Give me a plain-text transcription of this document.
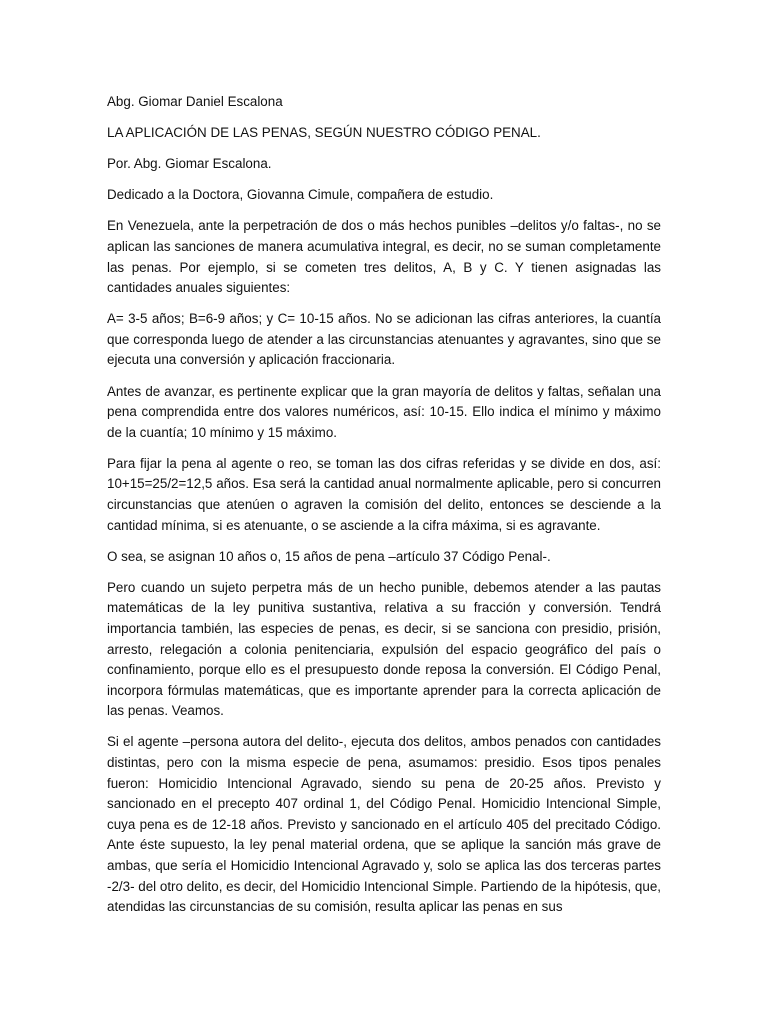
Abg. Giomar Daniel Escalona

LA APLICACIÓN DE LAS PENAS, SEGÚN NUESTRO CÓDIGO PENAL.

Por. Abg. Giomar Escalona.

Dedicado a la Doctora, Giovanna Cimule, compañera de estudio.

En Venezuela, ante la perpetración de dos o más hechos punibles –delitos y/o faltas-, no se aplican las sanciones de manera acumulativa integral, es decir, no se suman completamente las penas. Por ejemplo, si se cometen tres delitos, A, B y C. Y tienen asignadas las cantidades anuales siguientes:

A= 3-5 años; B=6-9 años; y C= 10-15 años. No se adicionan las cifras anteriores, la cuantía que corresponda luego de atender a las circunstancias atenuantes y agravantes, sino que se ejecuta una conversión y aplicación fraccionaria.

Antes de avanzar, es pertinente explicar que la gran mayoría de delitos y faltas, señalan una pena comprendida entre dos valores numéricos, así: 10-15. Ello indica el mínimo y máximo de la cuantía; 10 mínimo y 15 máximo.

Para fijar la pena al agente o reo, se toman las dos cifras referidas y se divide en dos, así: 10+15=25/2=12,5 años. Esa será la cantidad anual normalmente aplicable, pero si concurren circunstancias que atenúen o agraven la comisión del delito, entonces se desciende a la cantidad mínima, si es atenuante, o se asciende a la cifra máxima, si es agravante.

O sea, se asignan 10 años o, 15 años de pena –artículo 37 Código Penal-.

Pero cuando un sujeto perpetra más de un hecho punible, debemos atender a las pautas matemáticas de la ley punitiva sustantiva, relativa a su fracción y conversión. Tendrá importancia también, las especies de penas, es decir, si se sanciona con presidio, prisión, arresto, relegación a colonia penitenciaria, expulsión del espacio geográfico del país o confinamiento, porque ello es el presupuesto donde reposa la conversión. El Código Penal, incorpora fórmulas matemáticas, que es importante aprender para la correcta aplicación de las penas. Veamos.

Si el agente –persona autora del delito-, ejecuta dos delitos, ambos penados con cantidades distintas, pero con la misma especie de pena, asumamos: presidio. Esos tipos penales fueron: Homicidio Intencional Agravado, siendo su pena de 20-25 años. Previsto y sancionado en el precepto 407 ordinal 1, del Código Penal. Homicidio Intencional Simple, cuya pena es de 12-18 años. Previsto y sancionado en el artículo 405 del precitado Código. Ante éste supuesto, la ley penal material ordena, que se aplique la sanción más grave de ambas, que sería el Homicidio Intencional Agravado y, solo se aplica las dos terceras partes -2/3- del otro delito, es decir, del Homicidio Intencional Simple. Partiendo de la hipótesis, que, atendidas las circunstancias de su comisión, resulta aplicar las penas en sus
